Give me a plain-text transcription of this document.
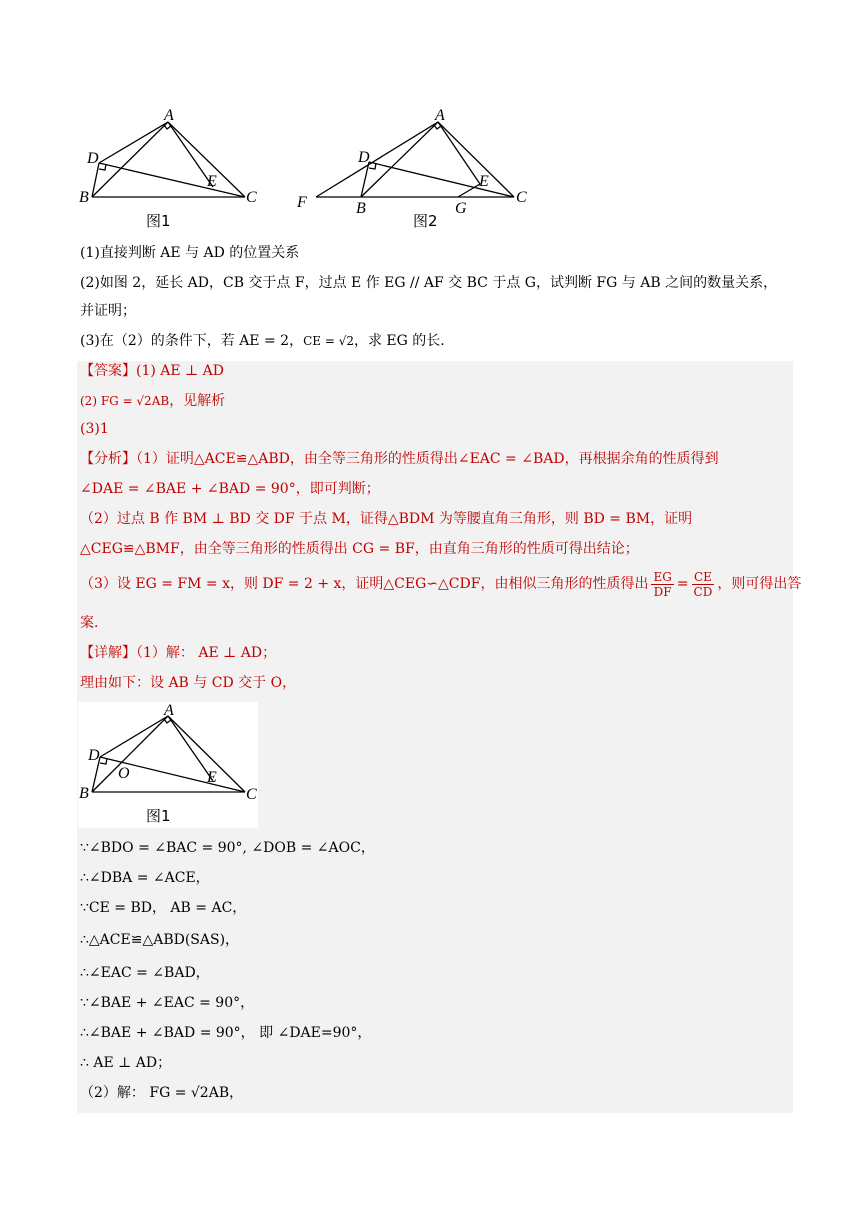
A
D
B	C
E
图1
A
D
F	B	G
C
E
图2
(1)直接判断 AE 与 AD 的位置关系
(2)如图 2，延长 AD，CB 交于点 F，过点 E 作 EG // AF 交 BC 于点 G，试判断 FG 与 AB 之间的数量关系，
并证明；
(3)在（2）的条件下，若 AE = 2，CE = √2，求 EG 的长.
【答案】(1) AE ⊥ AD
(2) FG = √2AB，见解析
(3)1
【分析】（1）证明△ACE≌△ABD，由全等三角形的性质得出∠EAC = ∠BAD，再根据余角的性质得到
∠DAE = ∠BAE + ∠BAD = 90°，即可判断；
（2）过点 B 作 BM ⊥ BD 交 DF 于点 M，证得△BDM 为等腰直角三角形，则 BD = BM，证明
△CEG≌△BMF，由全等三角形的性质得出 CG = BF，由直角三角形的性质可得出结论；
（3）设 EG = FM = x，则 DF = 2 + x，证明△CEG∽△CDF，由相似三角形的性质得出 $\frac{EG}{DF} = \frac{CE}{CD}$ ，则可得出答
案.
【详解】（1）解： AE ⊥ AD；
理由如下：设 AB 与 CD 交于 O，
A
D
O
B	C
E
图1
∵∠BDO = ∠BAC = 90°, ∠DOB = ∠AOC，
∴∠DBA = ∠ACE，
∵CE = BD， AB = AC，
∴△ACE≌△ABD(SAS)，
∴∠EAC = ∠BAD，
∵∠BAE + ∠EAC = 90°，
∴∠BAE + ∠BAD = 90°， 即 ∠DAE=90°，
∴ AE ⊥ AD；
（2）解： FG = √2AB，
